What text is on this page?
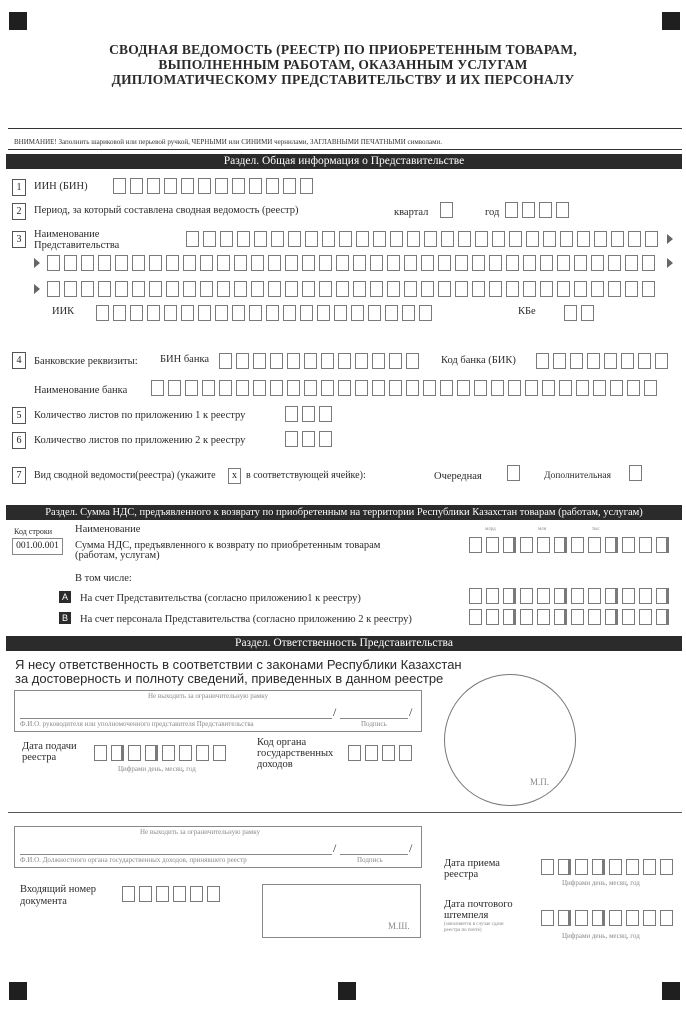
СВОДНАЯ ВЕДОМОСТЬ (РЕЕСТР) ПО ПРИОБРЕТЕННЫМ ТОВАРАМ,
ВЫПОЛНЕННЫМ РАБОТАМ, ОКАЗАННЫМ УСЛУГАМ
ДИПЛОМАТИЧЕСКОМУ ПРЕДСТАВИТЕЛЬСТВУ И ИХ ПЕРСОНАЛУ
ВНИМАНИЕ! Заполнить шариковой или перьевой ручкой, ЧЕРНЫМИ или СИНИМИ чернилами, ЗАГЛАВНЫМИ ПЕЧАТНЫМИ символами.
Раздел. Общая информация о Представительстве
1	ИИН (БИН)
2	Период, за который составлена сводная ведомость (реестр)	квартал	год
3	Наименование
Представительства
ИИК	КБе
4	Банковские реквизиты: БИН банка	Код банка (БИК)
Наименование банка
5	Количество листов по приложению 1 к реестру
6	Количество листов по приложению 2 к реестру
7	Вид сводной ведомости(реестра) (укажите	x в соответствующей ячейке):	Очередная	Дополнительная
Раздел. Сумма НДС, предъявленного к возврату по приобретенным на территории Республики Казахстан товарам (работам, услугам)
Код строки Наименование	млрд	млн	тыс
001.00.001	Сумма НДС, предъявленного к возврату по приобретенным товарам
(работам, услугам)
В том числе:
A На счет Представительства (согласно приложению1 к реестру)
B На счет персонала Представительства (согласно приложению 2 к реестру)
Раздел. Ответственность Представительства
Я несу ответственность в соответствии с законами Республики Казахстан
за достоверность и полноту сведений, приведенных в данном реестре
Не выходить за ограничительную рамку
/	/
Ф.И.О. руководителя или уполномоченного представителя Представительства	Подпись
Дата подачи
реестра
Цифрами день, месяц, год
Код органа
государственных
доходов
М.П.
Не выходить за ограничительную рамку
/	/
Ф.И.О. Должностного органа государственных доходов, принявшего реестр	Подпись
Входящий номер
документа
М.Ш.
Дата приема
реестра
Цифрами день, месяц, год
Дата почтового
штемпеля
(заполняется в случае сдачи реестра по почте)
Цифрами день, месяц, год
